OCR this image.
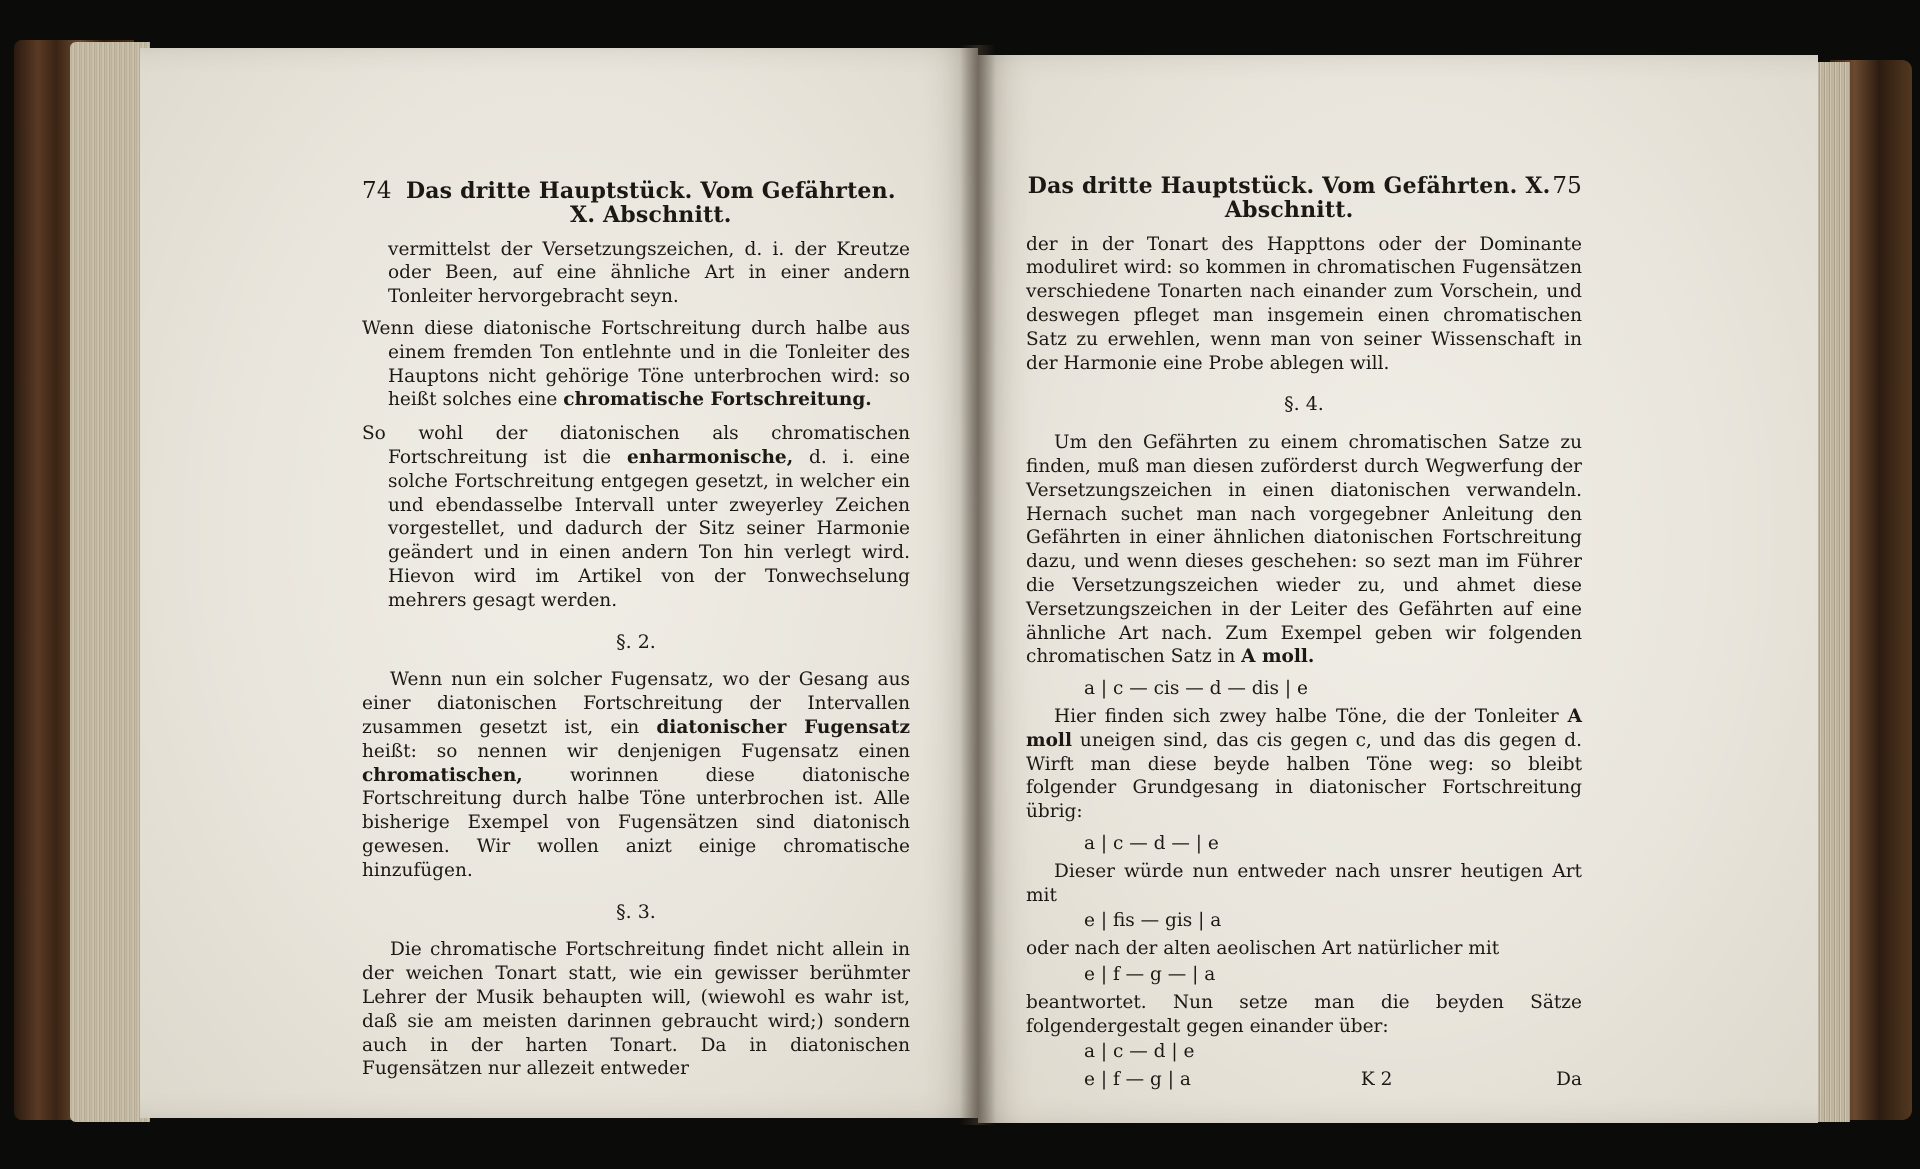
74 Das dritte Hauptstück. Vom Gefährten. X. Abschnitt.

vermittelst der Versetzungszeichen, d. i. der Kreutze oder Been, auf eine ähnliche Art in einer andern Tonleiter hervorgebracht seyn.

Wenn diese diatonische Fortschreitung durch halbe aus einem fremden Ton entlehnte und in die Tonleiter des Hauptons nicht gehörige Töne unterbrochen wird: so heißt solches eine chromatische Fortschreitung.

So wohl der diatonischen als chromatischen Fortschreitung ist die enharmonische, d. i. eine solche Fortschreitung entgegen gesetzt, in welcher ein und ebendasselbe Intervall unter zweyerley Zeichen vorgestellet, und dadurch der Sitz seiner Harmonie geändert und in einen andern Ton hin verlegt wird. Hievon wird im Artikel von der Tonwechselung mehrers gesagt werden.

§. 2.

Wenn nun ein solcher Fugensatz, wo der Gesang aus einer diatonischen Fortschreitung der Intervallen zusammen gesetzt ist, ein diatonischer Fugensatz heißt: so nennen wir denjenigen Fugensatz einen chromatischen, worinnen diese diatonische Fortschreitung durch halbe Töne unterbrochen ist. Alle bisherige Exempel von Fugensätzen sind diatonisch gewesen. Wir wollen anizt einige chromatische hinzufügen.

§. 3.

Die chromatische Fortschreitung findet nicht allein in der weichen Tonart statt, wie ein gewisser berühmter Lehrer der Musik behaupten will, (wiewohl es wahr ist, daß sie am meisten darinnen gebraucht wird;) sondern auch in der harten Tonart. Da in diatonischen Fugensätzen nur allezeit entweder

Das dritte Hauptstück. Vom Gefährten. X. Abschnitt.
75

der in der Tonart des Happttons oder der Dominante moduliret wird: so kommen in chromatischen Fugensätzen verschiedene Tonarten nach einander zum Vorschein, und deswegen pfleget man insgemein einen chromatischen Satz zu erwehlen, wenn man von seiner Wissenschaft in der Harmonie eine Probe ablegen will.

§. 4.

Um den Gefährten zu einem chromatischen Satze zu finden, muß man diesen zuförderst durch Wegwerfung der Versetzungszeichen in einen diatonischen verwandeln. Hernach suchet man nach vorgegebner Anleitung den Gefährten in einer ähnlichen diatonischen Fortschreitung dazu, und wenn dieses geschehen: so sezt man im Führer die Versetzungszeichen wieder zu, und ahmet diese Versetzungszeichen in der Leiter des Gefährten auf eine ähnliche Art nach. Zum Exempel geben wir folgenden chromatischen Satz in A moll.

a | c — cis — d — dis | e

Hier finden sich zwey halbe Töne, die der Tonleiter A moll uneigen sind, das cis gegen c, und das dis gegen d. Wirft man diese beyde halben Töne weg: so bleibt folgender Grundgesang in diatonischer Fortschreitung übrig:

a | c — d — | e

Dieser würde nun entweder nach unsrer heutigen Art mit

e | fis — gis | a

oder nach der alten aeolischen Art natürlicher mit

e | f — g — | a

beantwortet. Nun setze man die beyden Sätze folgendergestalt gegen einander über:

a | c — d | e
e | f — g | a	K 2	Da
